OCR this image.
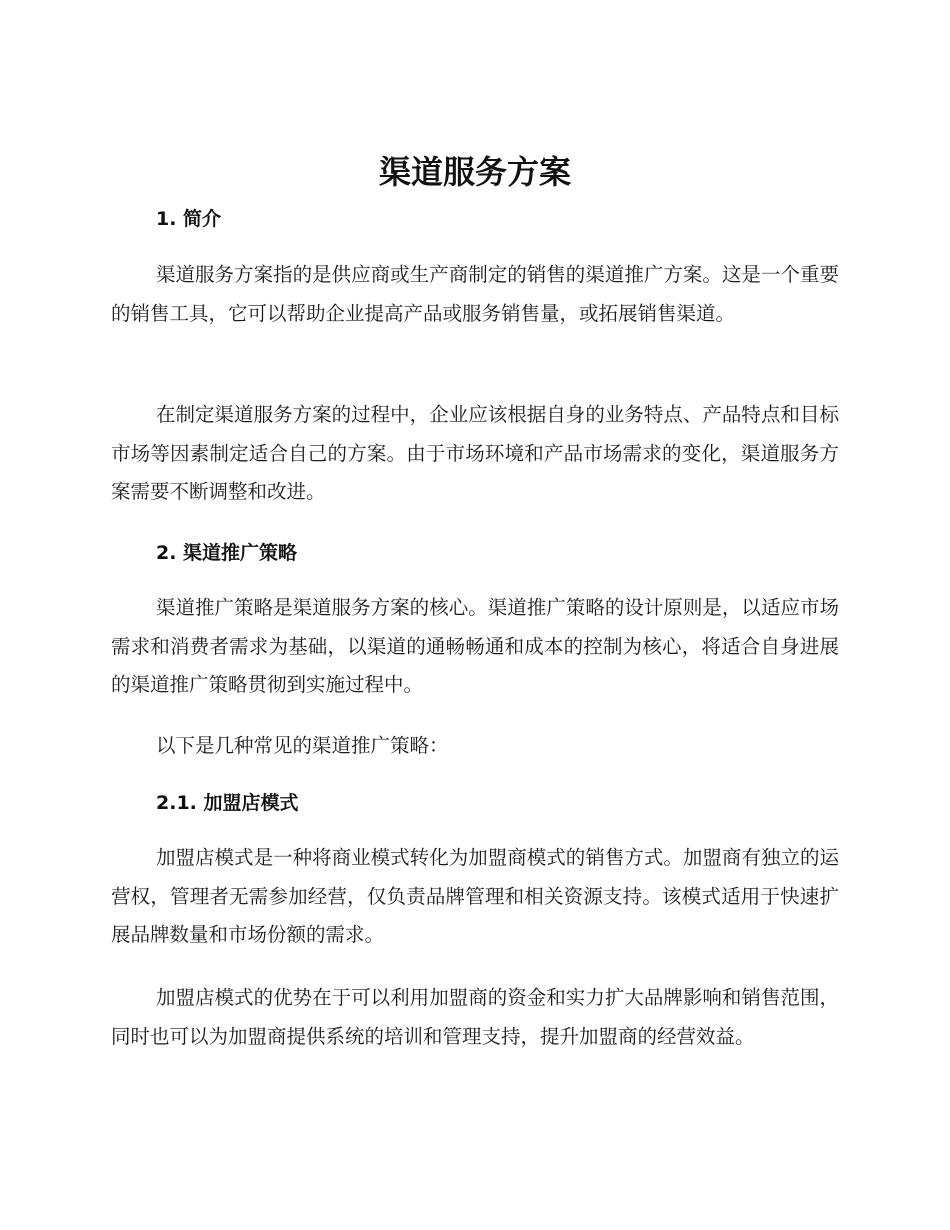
渠道服务方案
1. 简介

渠道服务方案指的是供应商或生产商制定的销售的渠道推广方案。这是一个重要的销售工具，它可以帮助企业提高产品或服务销售量，或拓展销售渠道。

在制定渠道服务方案的过程中，企业应该根据自身的业务特点、产品特点和目标市场等因素制定适合自己的方案。由于市场环境和产品市场需求的变化，渠道服务方案需要不断调整和改进。

2. 渠道推广策略

渠道推广策略是渠道服务方案的核心。渠道推广策略的设计原则是，以适应市场需求和消费者需求为基础，以渠道的通畅畅通和成本的控制为核心，将适合自身进展的渠道推广策略贯彻到实施过程中。

以下是几种常见的渠道推广策略：

2.1. 加盟店模式

加盟店模式是一种将商业模式转化为加盟商模式的销售方式。加盟商有独立的运营权，管理者无需参加经营，仅负责品牌管理和相关资源支持。该模式适用于快速扩展品牌数量和市场份额的需求。

加盟店模式的优势在于可以利用加盟商的资金和实力扩大品牌影响和销售范围，同时也可以为加盟商提供系统的培训和管理支持，提升加盟商的经营效益。
